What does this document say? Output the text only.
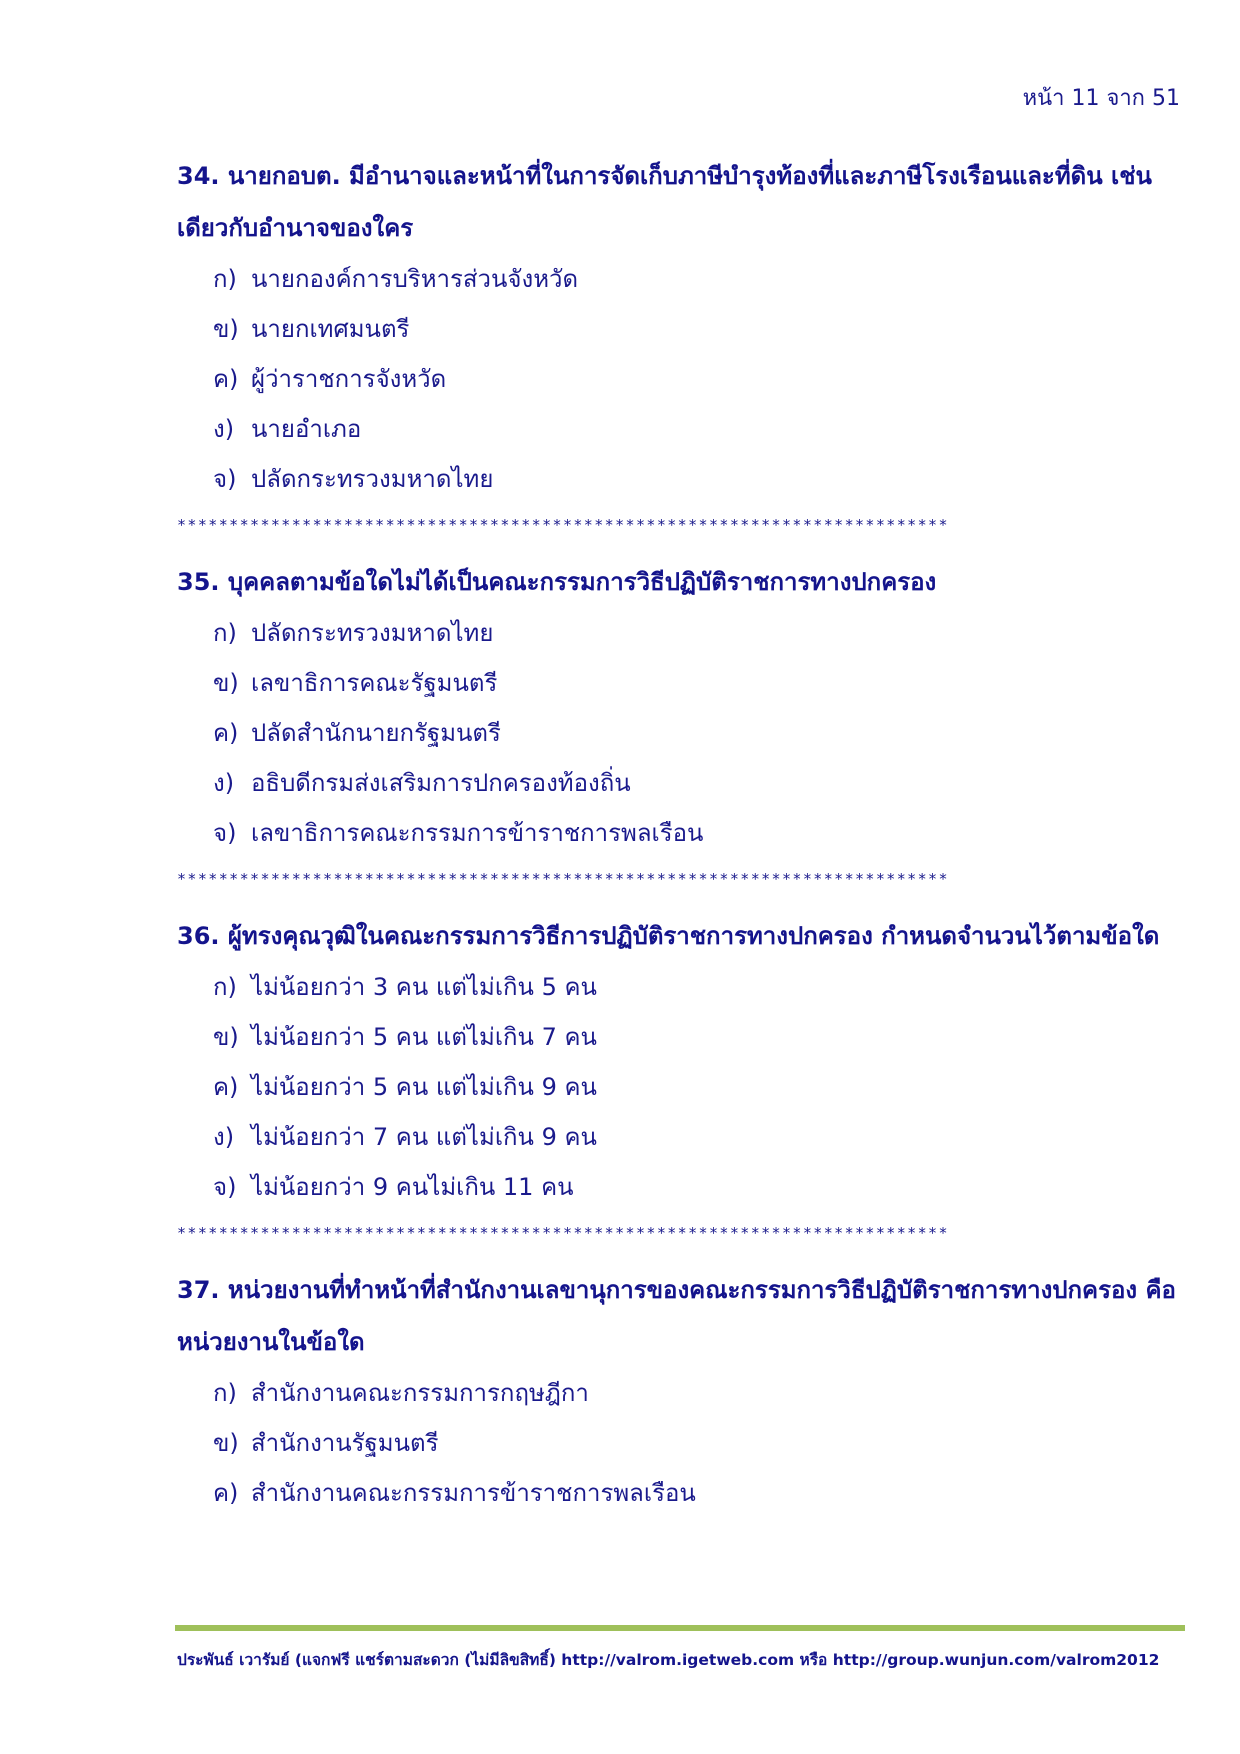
หน้า 11 จาก 51

34. นายกอบต. มีอำนาจและหน้าที่ในการจัดเก็บภาษีบำรุงท้องที่และภาษีโรงเรือนและที่ดิน เช่นเดียวกับอำนาจของใคร

ก) นายกองค์การบริหารส่วนจังหวัด
ข) นายกเทศมนตรี
ค) ผู้ว่าราชการจังหวัด
ง) นายอำเภอ
จ) ปลัดกระทรวงมหาดไทย
**************************************************************************

35. บุคคลตามข้อใดไม่ได้เป็นคณะกรรมการวิธีปฏิบัติราชการทางปกครอง

ก) ปลัดกระทรวงมหาดไทย
ข) เลขาธิการคณะรัฐมนตรี
ค) ปลัดสำนักนายกรัฐมนตรี
ง) อธิบดีกรมส่งเสริมการปกครองท้องถิ่น
จ) เลขาธิการคณะกรรมการข้าราชการพลเรือน
**************************************************************************

36. ผู้ทรงคุณวุฒิในคณะกรรมการวิธีการปฏิบัติราชการทางปกครอง กำหนดจำนวนไว้ตามข้อใด

ก) ไม่น้อยกว่า 3 คน แต่ไม่เกิน 5 คน
ข) ไม่น้อยกว่า 5 คน แต่ไม่เกิน 7 คน
ค) ไม่น้อยกว่า 5 คน แต่ไม่เกิน 9 คน
ง) ไม่น้อยกว่า 7 คน แต่ไม่เกิน 9 คน
จ) ไม่น้อยกว่า 9 คนไม่เกิน 11 คน
**************************************************************************

37. หน่วยงานที่ทำหน้าที่สำนักงานเลขานุการของคณะกรรมการวิธีปฏิบัติราชการทางปกครอง คือหน่วยงานในข้อใด

ก) สำนักงานคณะกรรมการกฤษฎีกา
ข) สำนักงานรัฐมนตรี
ค) สำนักงานคณะกรรมการข้าราชการพลเรือน
ประพันธ์ เวารัมย์ (แจกฟรี แชร์ตามสะดวก (ไม่มีลิขสิทธิ์) http://valrom.igetweb.com หรือ http://group.wunjun.com/valrom2012
